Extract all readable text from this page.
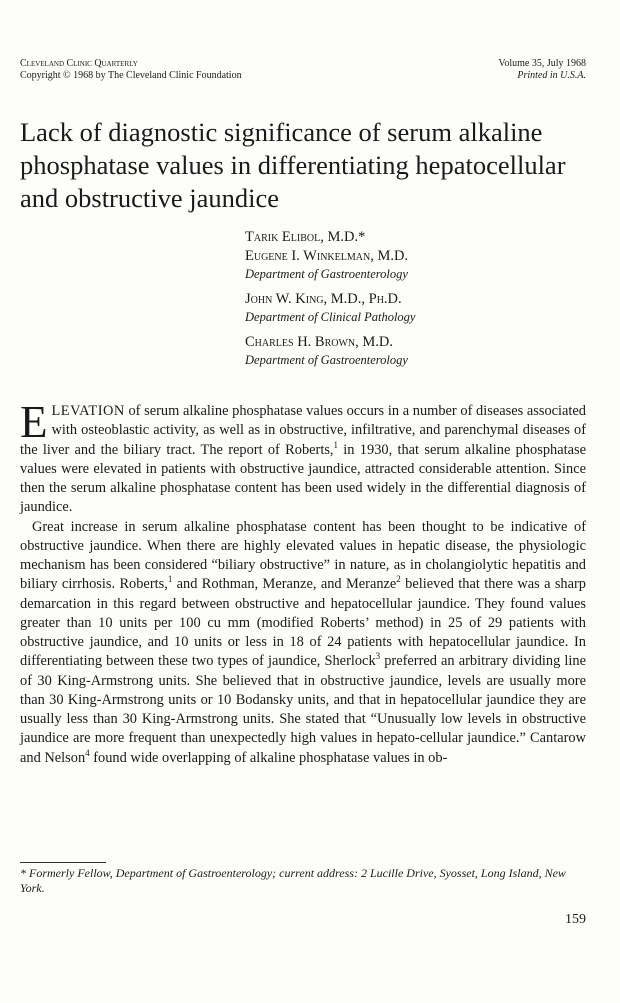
Cleveland Clinic Quarterly
Copyright © 1968 by The Cleveland Clinic Foundation
Volume 35, July 1968
Printed in U.S.A.
Lack of diagnostic significance of serum alkaline phosphatase values in differentiating hepatocellular and obstructive jaundice
Tarik Elibol, M.D.*
Eugene I. Winkelman, M.D.
Department of Gastroenterology
John W. King, M.D., Ph.D.
Department of Clinical Pathology
Charles H. Brown, M.D.
Department of Gastroenterology

ELEVATION of serum alkaline phosphatase values occurs in a number of diseases associated with osteoblastic activity, as well as in obstructive, infiltrative, and parenchymal diseases of the liver and the biliary tract. The report of Roberts,$^1$ in 1930, that serum alkaline phosphatase values were elevated in patients with obstructive jaundice, attracted considerable attention. Since then the serum alkaline phosphatase content has been used widely in the differential diagnosis of jaundice.

Great increase in serum alkaline phosphatase content has been thought to be indicative of obstructive jaundice. When there are highly elevated values in hepatic disease, the physiologic mechanism has been considered “biliary obstructive” in nature, as in cholangiolytic hepatitis and biliary cirrhosis. Roberts,$^1$ and Rothman, Meranze, and Meranze$^2$ believed that there was a sharp demarcation in this regard between obstructive and hepatocellular jaundice. They found values greater than 10 units per 100 cu mm (modified Roberts’ method) in 25 of 29 patients with obstructive jaundice, and 10 units or less in 18 of 24 patients with hepatocellular jaundice. In differentiating between these two types of jaundice, Sherlock$^3$ preferred an arbitrary dividing line of 30 King-Armstrong units. She believed that in obstructive jaundice, levels are usually more than 30 King-Armstrong units or 10 Bodansky units, and that in hepatocellular jaundice they are usually less than 30 King-Armstrong units. She stated that “Unusually low levels in obstructive jaundice are more frequent than unexpectedly high values in hepato-cellular jaundice.” Cantarow and Nelson$^4$ found wide overlapping of alkaline phosphatase values in ob-

* Formerly Fellow, Department of Gastroenterology; current address: 2 Lucille Drive, Syosset, Long Island, New York.
159
